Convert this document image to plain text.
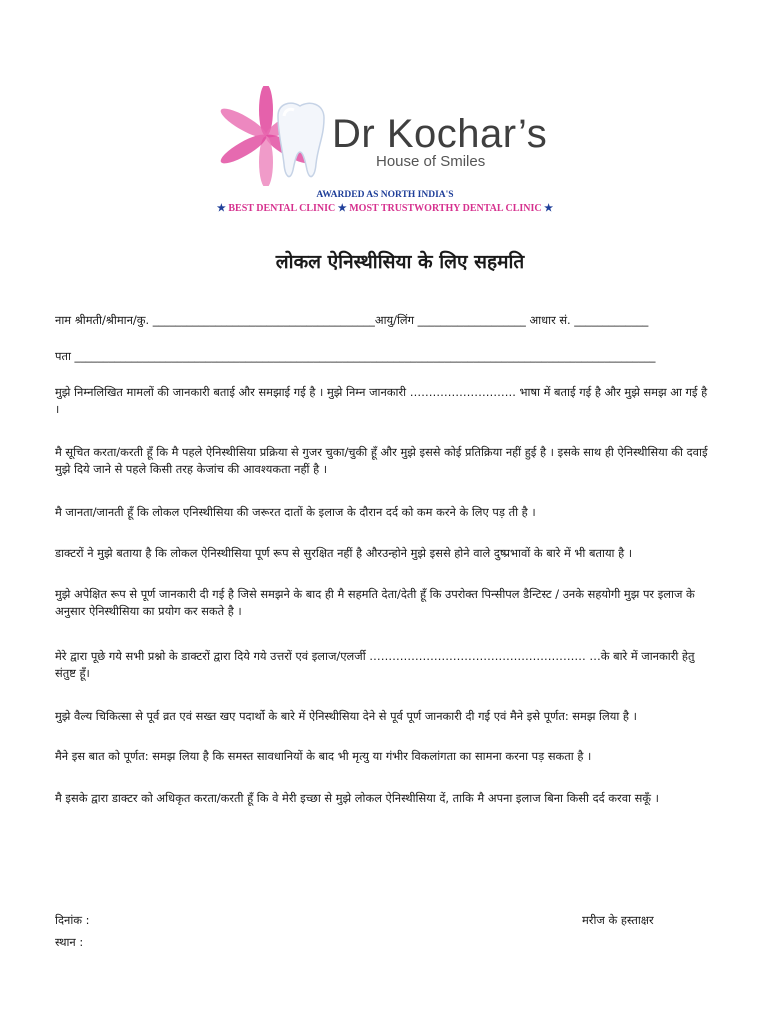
Dr Kochar’s
House of Smiles
AWARDED AS NORTH INDIA'S
★ BEST DENTAL CLINIC ★ MOST TRUSTWORTHY DENTAL CLINIC ★
लोकल ऐनिस्थीसिया के लिए सहमति
नाम श्रीमती/श्रीमान/कु. _______________________________________आयु/लिंग ___________________ आधार सं. _____________
पता ______________________________________________________________________________________________________
मुझे निम्नलिखित मामलों की जानकारी बताई और समझाई गई है । मुझे निम्न जानकारी ………………………. भाषा में बताई गई है और मुझे समझ आ गई है ।
मै सूचित करता/करती हूँ कि मै पहले ऐनिस्थीसिया प्रक्रिया से गुजर चुका/चुकी हूँ और मुझे इससे कोई प्रतिक्रिया नहीं हुई है । इसके साथ ही ऐनिस्थीसिया की दवाई मुझे दिये जाने से पहले किसी तरह केजांच की आवश्यकता नहीं है ।
मै जानता/जानती हूँ कि लोकल एनिस्थीसिया की जरूरत दातों के इलाज के दौरान दर्द को कम करने के लिए पड़ ती है ।
डाक्टरों ने मुझे बताया है कि लोकल ऐनिस्थीसिया पूर्ण रूप से सुरक्षित नहीं है औरउन्होने मुझे इससे होने वाले दुष्प्रभावों के बारे में भी बताया है ।
मुझे अपेक्षित रूप से पूर्ण जानकारी दी गई है जिसे समझने के बाद ही मै सहमति देता/देती हूँ कि उपरोक्त पिन्सीपल डैन्टिस्ट / उनके सहयोगी मुझ पर इलाज के अनुसार ऐनिस्थीसिया का प्रयोग कर सकते है ।
मेरे द्वारा पूछे गये सभी प्रश्नो के डाक्टरों द्वारा दिये गये उत्तरों एवं इलाज/एलर्जी ………………………………………………… …के बारे में जानकारी हेतु संतुष्ट हूँ।
मुझे वैल्य चिकित्सा से पूर्व व्रत एवं सख्त खए पदार्थो के बारे में ऐनिस्थीसिया देने से पूर्व पूर्ण जानकारी दी गई एवं मैने इसे पूर्णत: समझ लिया है ।
मैने इस बात को पूर्णत: समझ लिया है कि समस्त सावधानियों के बाद भी मृत्यु या गंभीर विकलांगता का सामना करना पड़ सकता है ।
मै इसके द्वारा डाक्टर को अधिकृत करता/करती हूँ कि वे मेरी इच्छा से मुझे लोकल ऐनिस्थीसिया दें, ताकि मै अपना इलाज बिना किसी दर्द करवा सकूँ ।
दिनांक :
स्थान :
मरीज के हस्ताक्षर
